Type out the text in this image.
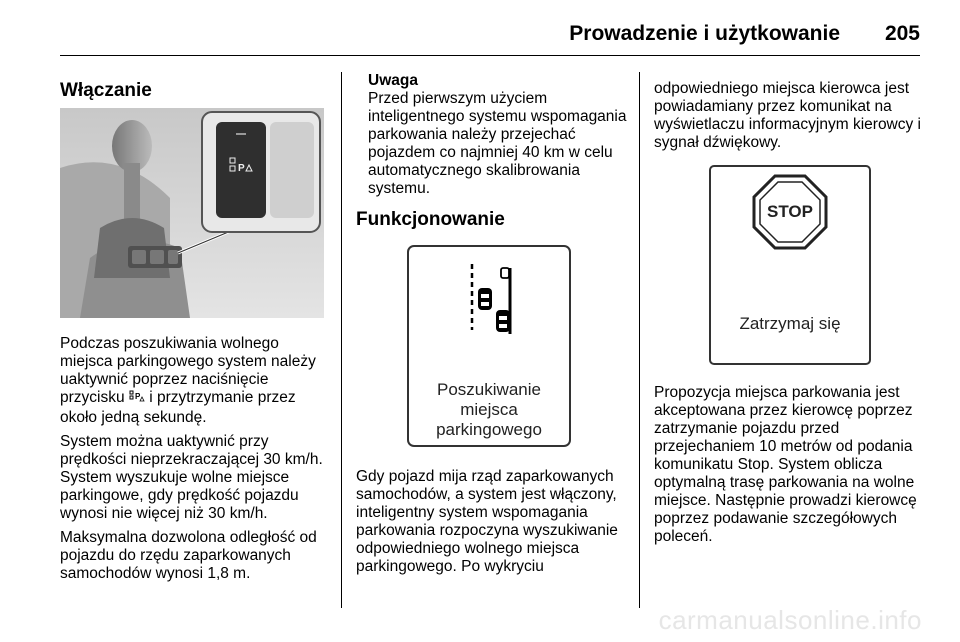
Prowadzenie i użytkowanie 205
Włączanie

Podczas poszukiwania wolnego miejsca parkingowego system należy uaktywnić poprzez naciśnięcie przycisku P i przytrzymanie przez około jedną sekundę.

System można uaktywnić przy prędkości nieprzekraczającej 30 km/h. System wyszukuje wolne miejsce parkingowe, gdy prędkość pojazdu wynosi nie więcej niż 30 km/h.

Maksymalna dozwolona odległość od pojazdu do rzędu zaparkowanych samochodów wynosi 1,8 m.

P
Uwaga
Przed pierwszym użyciem inteligentnego systemu wspomagania parkowania należy przejechać pojazdem co najmniej 40 km w celu automatycznego skalibrowania systemu.
Funkcjonowanie
Poszukiwanie
miejsca
parkingowego

Gdy pojazd mija rząd zaparkowanych samochodów, a system jest włączony, inteligentny system wspomagania parkowania rozpoczyna wyszukiwanie odpowiedniego wolnego miejsca parkingowego. Po wykryciu

odpowiedniego miejsca kierowca jest powiadamiany przez komunikat na wyświetlaczu informacyjnym kierowcy i sygnał dźwiękowy.
STOP
Zatrzymaj się

Propozycja miejsca parkowania jest akceptowana przez kierowcę poprzez zatrzymanie pojazdu przed przejechaniem 10 metrów od podania komunikatu Stop. System oblicza optymalną trasę parkowania na wolne miejsce. Następnie prowadzi kierowcę poprzez podawanie szczegółowych poleceń.

carmanualsonline.info
